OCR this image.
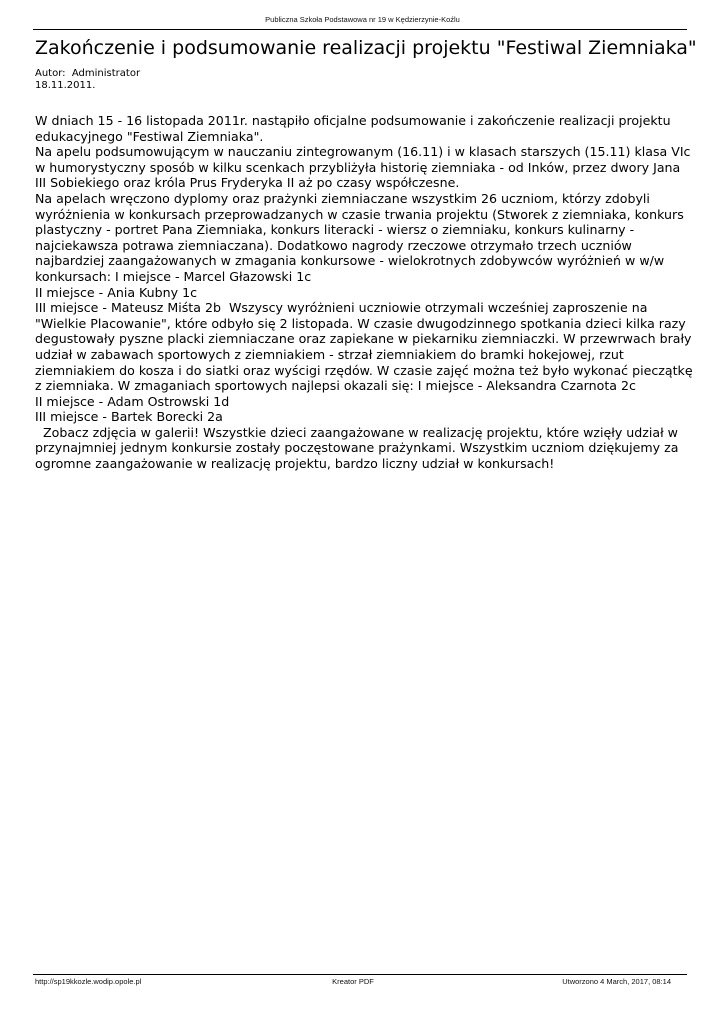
Publiczna Szkoła Podstawowa nr 19 w Kędzierzynie-Koźlu
Zakończenie i podsumowanie realizacji projektu "Festiwal Ziemniaka"
Autor:  Administrator
18.11.2011.

W dniach 15 - 16 listopada 2011r. nastąpiło oficjalne podsumowanie i zakończenie realizacji projektu edukacyjnego "Festiwal Ziemniaka".

Na apelu podsumowującym w nauczaniu zintegrowanym (16.11) i w klasach starszych (15.11) klasa VIc w humorystyczny sposób w kilku scenkach przybliżyła historię ziemniaka - od Inków, przez dwory Jana III Sobiekiego oraz króla Prus Fryderyka II aż po czasy współczesne.

Na apelach wręczono dyplomy oraz prażynki ziemniaczane wszystkim 26 uczniom, którzy zdobyli wyróżnienia w konkursach przeprowadzanych w czasie trwania projektu (Stworek z ziemniaka, konkurs plastyczny - portret Pana Ziemniaka, konkurs literacki - wiersz o ziemniaku, konkurs kulinarny - najciekawsza potrawa ziemniaczana). Dodatkowo nagrody rzeczowe otrzymało trzech uczniów najbardziej zaangażowanych w zmagania konkursowe - wielokrotnych zdobywców wyróżnień w w/w konkursach: I miejsce - Marcel Głazowski 1c

II miejsce - Ania Kubny 1c

III miejsce - Mateusz Miśta 2b  Wszyscy wyróżnieni uczniowie otrzymali wcześniej zaproszenie na "Wielkie Placowanie", które odbyło się 2 listopada. W czasie dwugodzinnego spotkania dzieci kilka razy degustowały pyszne placki ziemniaczane oraz zapiekane w piekarniku ziemniaczki. W przewrwach brały udział w zabawach sportowych z ziemniakiem - strzał ziemniakiem do bramki hokejowej, rzut ziemniakiem do kosza i do siatki oraz wyścigi rzędów. W czasie zajęć można też było wykonać pieczątkę z ziemniaka. W zmaganiach sportowych najlepsi okazali się: I miejsce - Aleksandra Czarnota 2c

II miejsce - Adam Ostrowski 1d

III miejsce - Bartek Borecki 2a

Zobacz zdjęcia w galerii! Wszystkie dzieci zaangażowane w realizację projektu, które wzięły udział w przynajmniej jednym konkursie zostały poczęstowane prażynkami. Wszystkim uczniom dziękujemy za ogromne zaangażowanie w realizację projektu, bardzo liczny udział w konkursach!

Kreator PDF
http://sp19kkozle.wodip.opole.pl	Utworzono 4 March, 2017, 08:14
